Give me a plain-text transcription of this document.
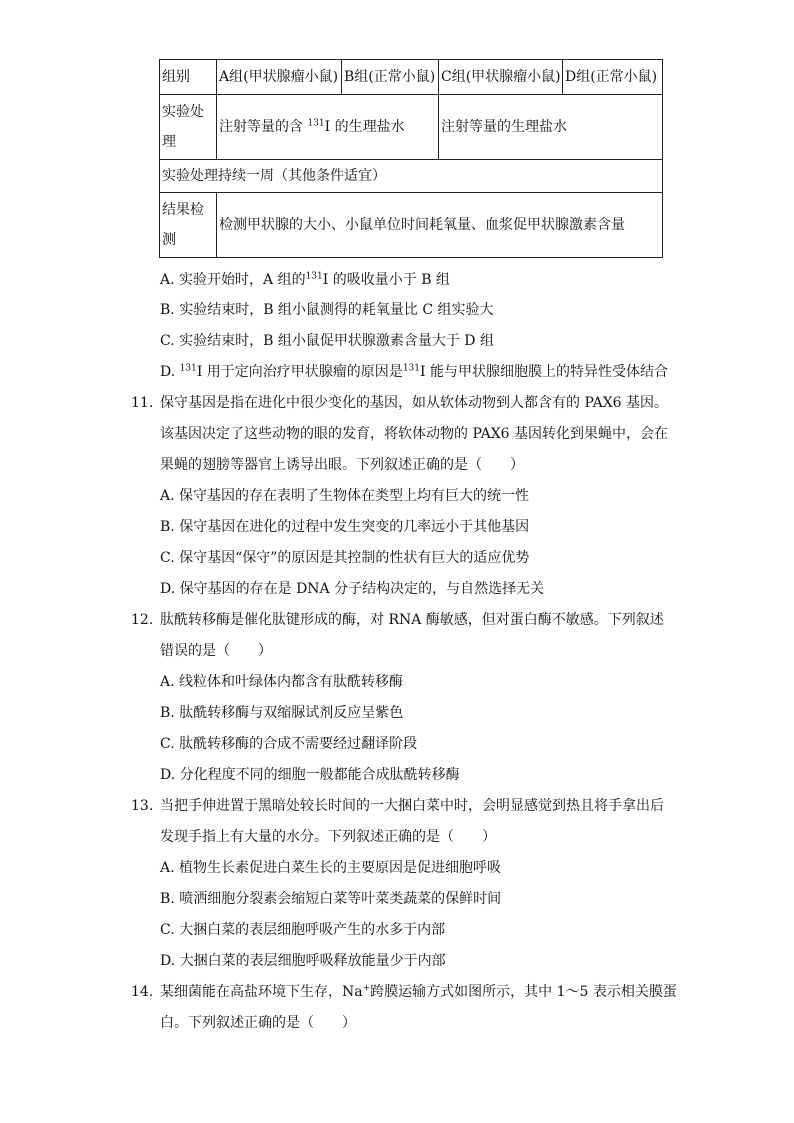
组别	A组(甲状腺瘤小鼠)	B组(正常小鼠)	C组(甲状腺瘤小鼠)	D组(正常小鼠)
实验处理	注射等量的含 $^{131}$I 的生理盐水		注射等量的生理盐水	
实验处理持续一周（其他条件适宜）				
结果检测	检测甲状腺的大小、小鼠单位时间耗氧量、血浆促甲状腺激素含量			
A. 实验开始时，A 组的$^{131}$I 的吸收量小于 B 组
B. 实验结束时，B 组小鼠测得的耗氧量比 C 组实验大
C. 实验结束时，B 组小鼠促甲状腺激素含量大于 D 组
D. $^{131}$I 用于定向治疗甲状腺瘤的原因是$^{131}$I 能与甲状腺细胞膜上的特异性受体结合
11. 保守基因是指在进化中很少变化的基因，如从软体动物到人都含有的 PAX6 基因。
该基因决定了这些动物的眼的发育，将软体动物的 PAX6 基因转化到果蝇中，会在
果蝇的翅膀等器官上诱导出眼。下列叙述正确的是（　　）
A. 保守基因的存在表明了生物体在类型上均有巨大的统一性
B. 保守基因在进化的过程中发生突变的几率远小于其他基因
C. 保守基因“保守”的原因是其控制的性状有巨大的适应优势
D. 保守基因的存在是 DNA 分子结构决定的，与自然选择无关
12. 肽酰转移酶是催化肽键形成的酶，对 RNA 酶敏感，但对蛋白酶不敏感。下列叙述
错误的是（　　）
A. 线粒体和叶绿体内都含有肽酰转移酶
B. 肽酰转移酶与双缩脲试剂反应呈紫色
C. 肽酰转移酶的合成不需要经过翻译阶段
D. 分化程度不同的细胞一般都能合成肽酰转移酶
13. 当把手伸进置于黑暗处较长时间的一大捆白菜中时，会明显感觉到热且将手拿出后
发现手指上有大量的水分。下列叙述正确的是（　　）
A. 植物生长素促进白菜生长的主要原因是促进细胞呼吸
B. 喷洒细胞分裂素会缩短白菜等叶菜类蔬菜的保鲜时间
C. 大捆白菜的表层细胞呼吸产生的水多于内部
D. 大捆白菜的表层细胞呼吸释放能量少于内部
14. 某细菌能在高盐环境下生存，Na+跨膜运输方式如图所示，其中 1～5 表示相关膜蛋
白。下列叙述正确的是（　　）
